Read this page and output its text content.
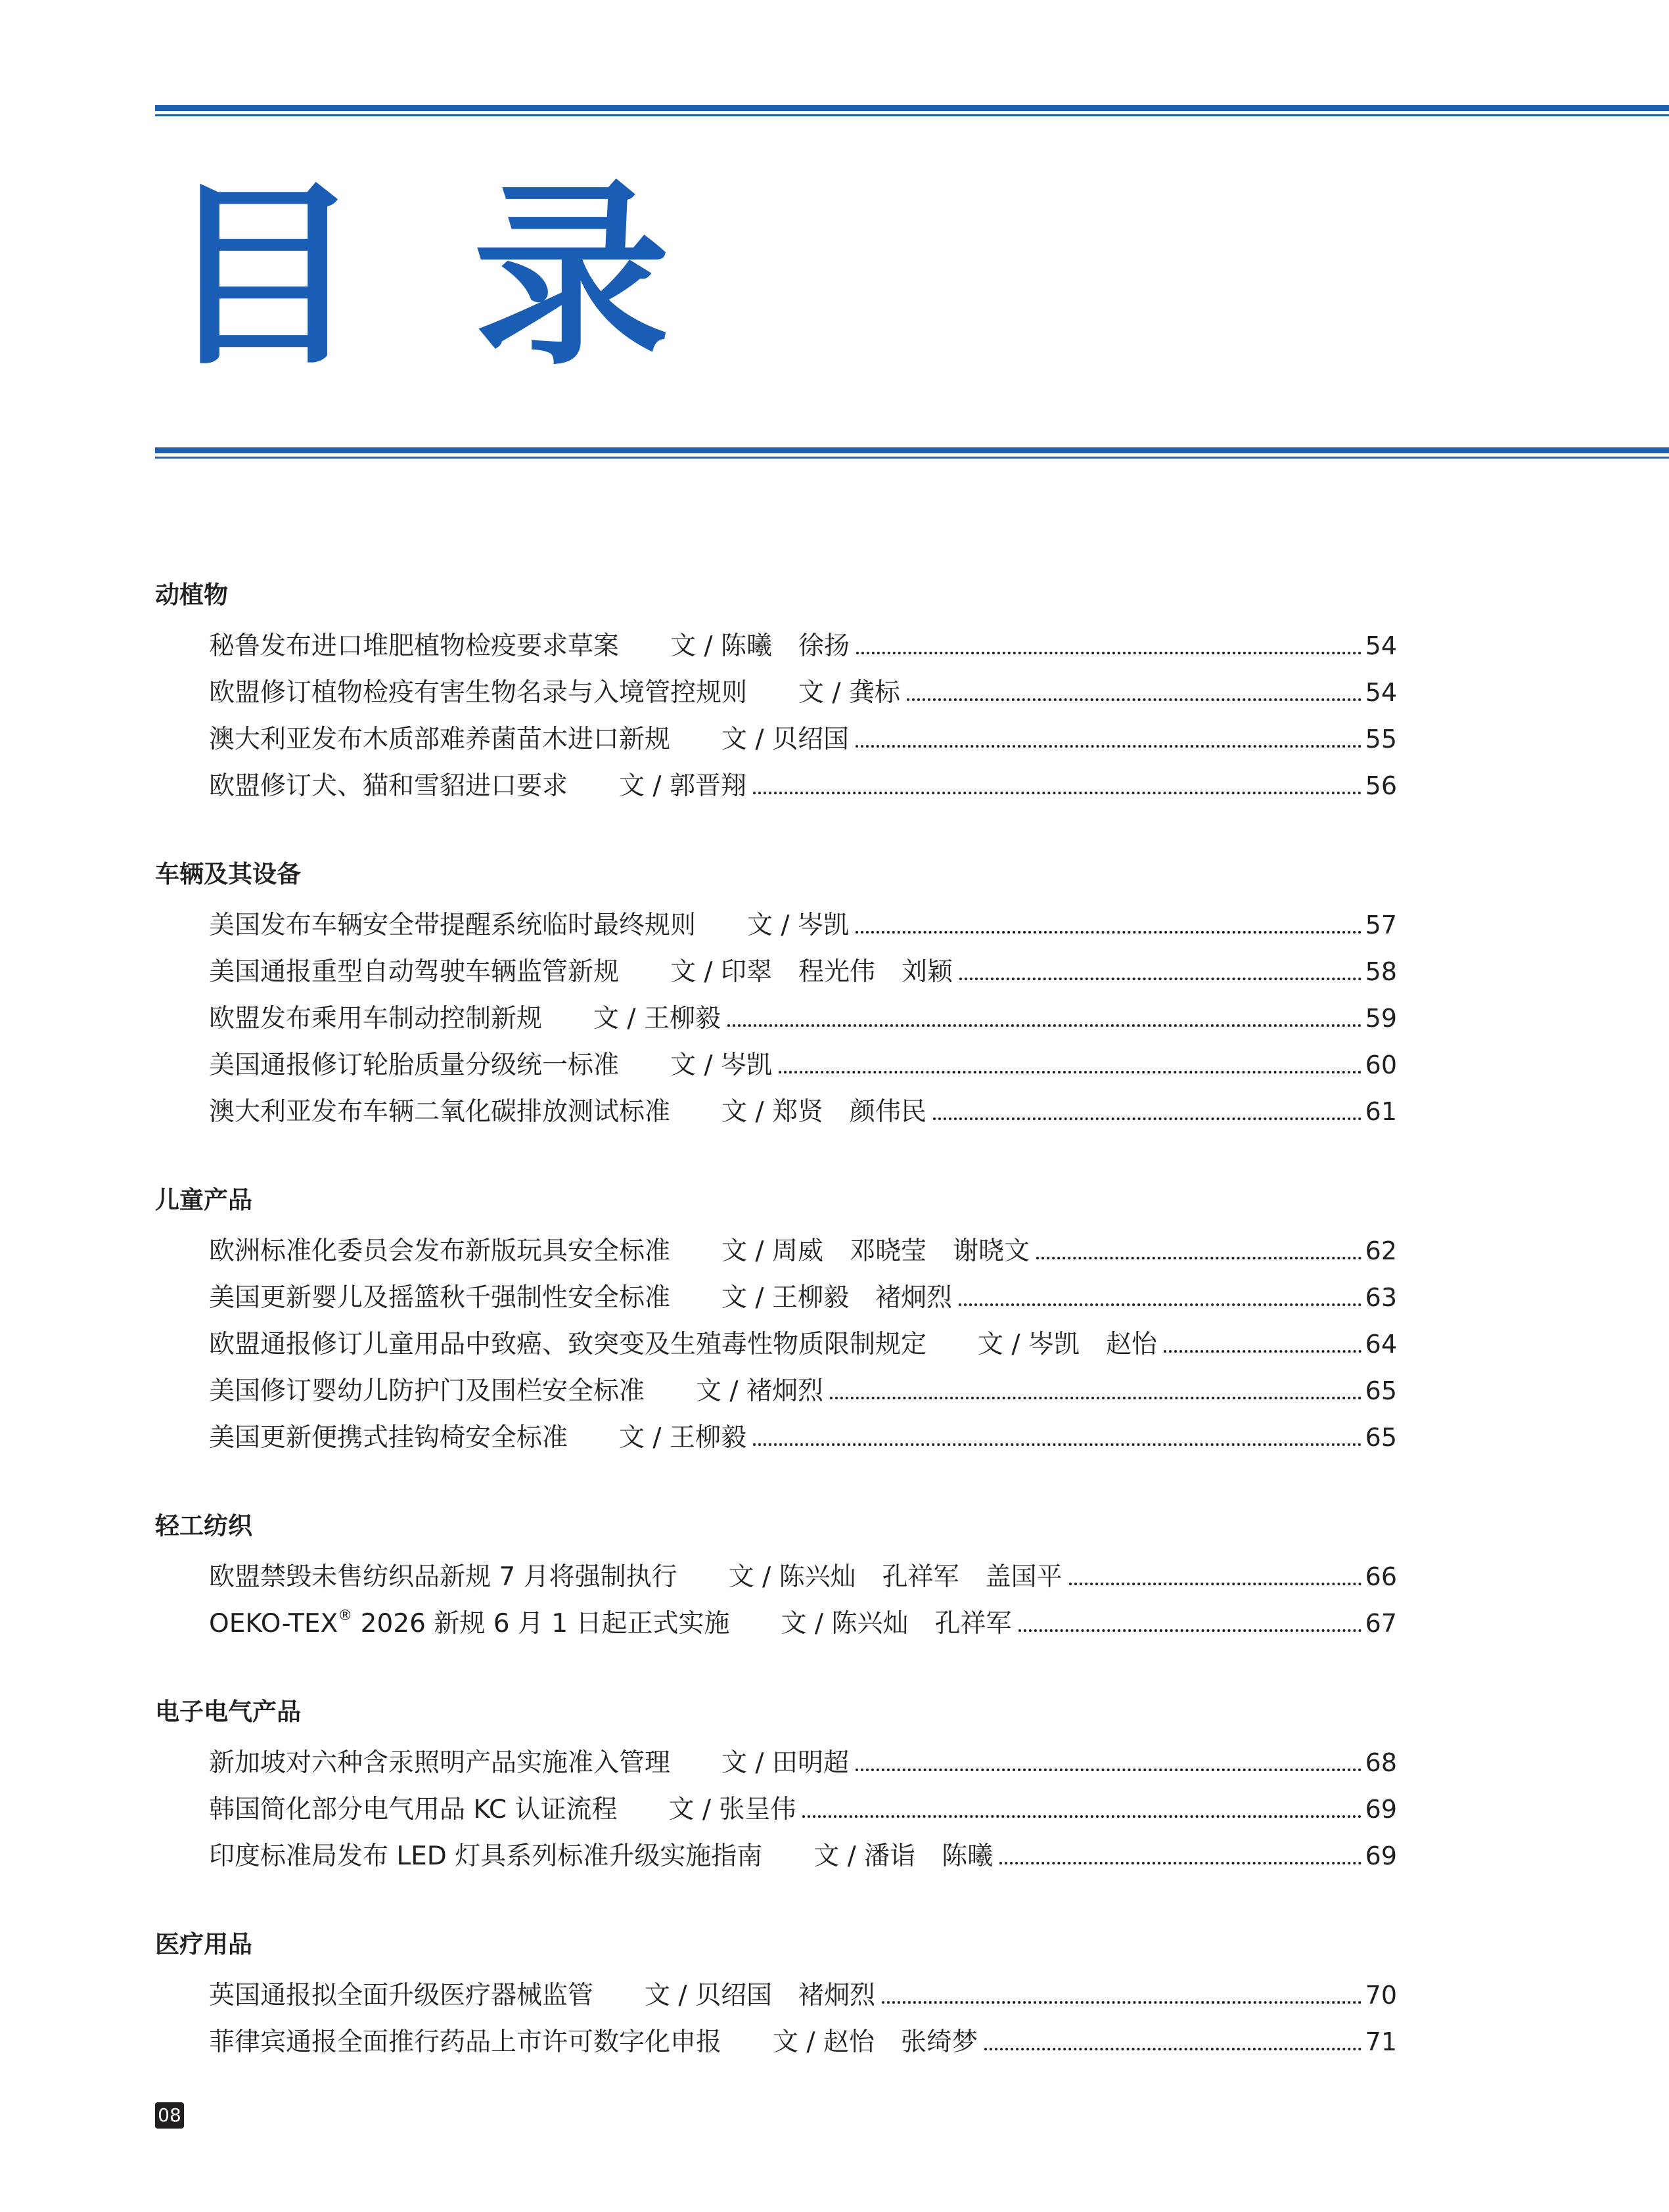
目 录
动植物
秘鲁发布进口堆肥植物检疫要求草案 文 / 陈曦 徐扬	54
欧盟修订植物检疫有害生物名录与入境管控规则 文 / 龚标	54
澳大利亚发布木质部难养菌苗木进口新规 文 / 贝绍国	55
欧盟修订犬、猫和雪貂进口要求 文 / 郭晋翔	56
车辆及其设备
美国发布车辆安全带提醒系统临时最终规则 文 / 岑凯	57
美国通报重型自动驾驶车辆监管新规 文 / 印翠 程光伟 刘颖	58
欧盟发布乘用车制动控制新规 文 / 王柳毅	59
美国通报修订轮胎质量分级统一标准 文 / 岑凯	60
澳大利亚发布车辆二氧化碳排放测试标准 文 / 郑贤 颜伟民	61
儿童产品
欧洲标准化委员会发布新版玩具安全标准 文 / 周威 邓晓莹 谢晓文	62
美国更新婴儿及摇篮秋千强制性安全标准 文 / 王柳毅 褚炯烈	63
欧盟通报修订儿童用品中致癌、致突变及生殖毒性物质限制规定 文 / 岑凯 赵怡	64
美国修订婴幼儿防护门及围栏安全标准 文 / 褚炯烈	65
美国更新便携式挂钩椅安全标准 文 / 王柳毅	65
轻工纺织
欧盟禁毁未售纺织品新规 7 月将强制执行 文 / 陈兴灿 孔祥军 盖国平	66
OEKO-TEX® 2026 新规 6 月 1 日起正式实施 文 / 陈兴灿 孔祥军	67
电子电气产品
新加坡对六种含汞照明产品实施准入管理 文 / 田明超	68
韩国简化部分电气用品 KC 认证流程 文 / 张呈伟	69
印度标准局发布 LED 灯具系列标准升级实施指南 文 / 潘诣 陈曦	69
医疗用品
英国通报拟全面升级医疗器械监管 文 / 贝绍国 褚炯烈	70
菲律宾通报全面推行药品上市许可数字化申报 文 / 赵怡 张绮梦	71
08
